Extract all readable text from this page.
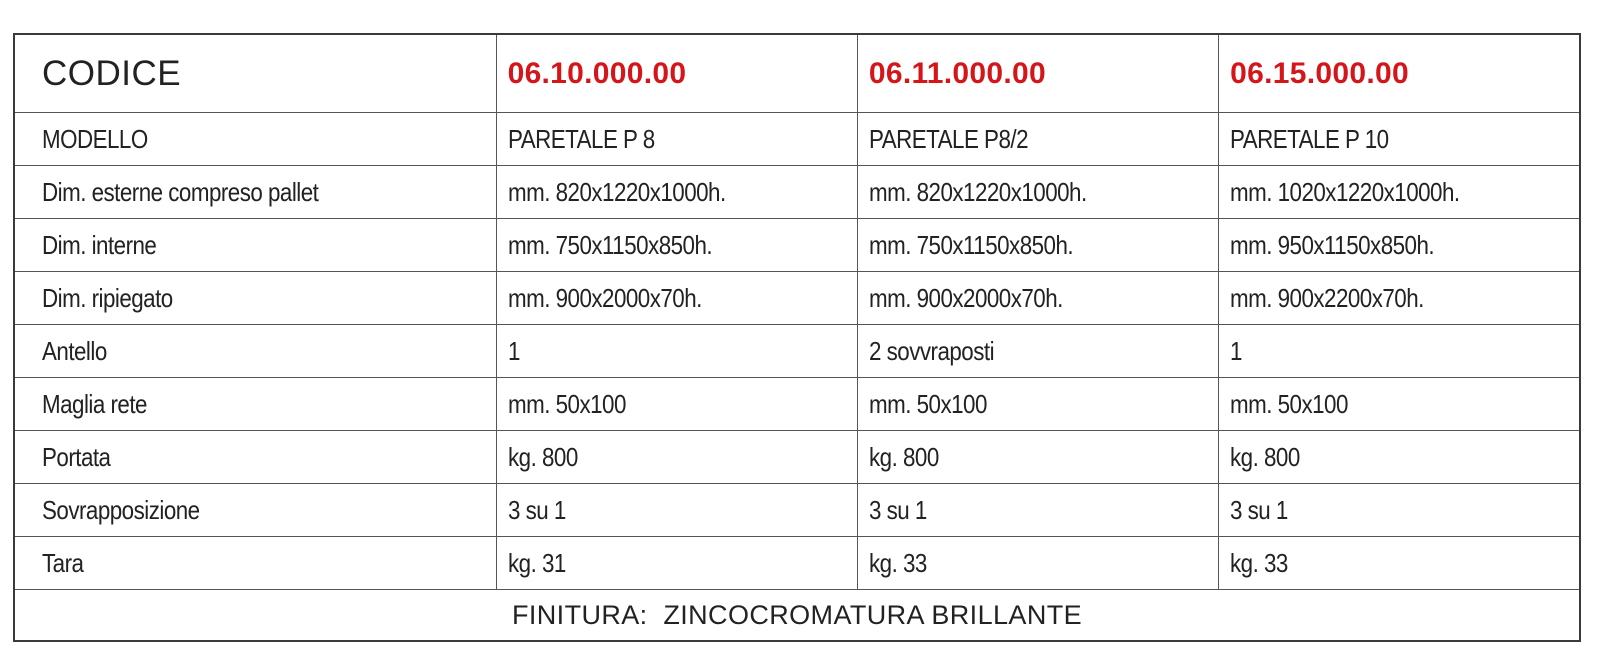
CODICE	06.10.000.00	06.11.000.00	06.15.000.00
MODELLO	PARETALE P 8	PARETALE P8/2	PARETALE P 10
Dim. esterne compreso pallet	mm. 820x1220x1000h.	mm. 820x1220x1000h.	mm. 1020x1220x1000h.
Dim. interne	mm. 750x1150x850h.	mm. 750x1150x850h.	mm. 950x1150x850h.
Dim. ripiegato	mm. 900x2000x70h.	mm. 900x2000x70h.	mm. 900x2200x70h.
Antello	1	2 sovvraposti	1
Maglia rete	mm. 50x100	mm. 50x100	mm. 50x100
Portata	kg. 800	kg. 800	kg. 800
Sovrapposizione	3 su 1	3 su 1	3 su 1
Tara	kg. 31	kg. 33	kg. 33
FINITURA:  ZINCOCROMATURA BRILLANTE			
